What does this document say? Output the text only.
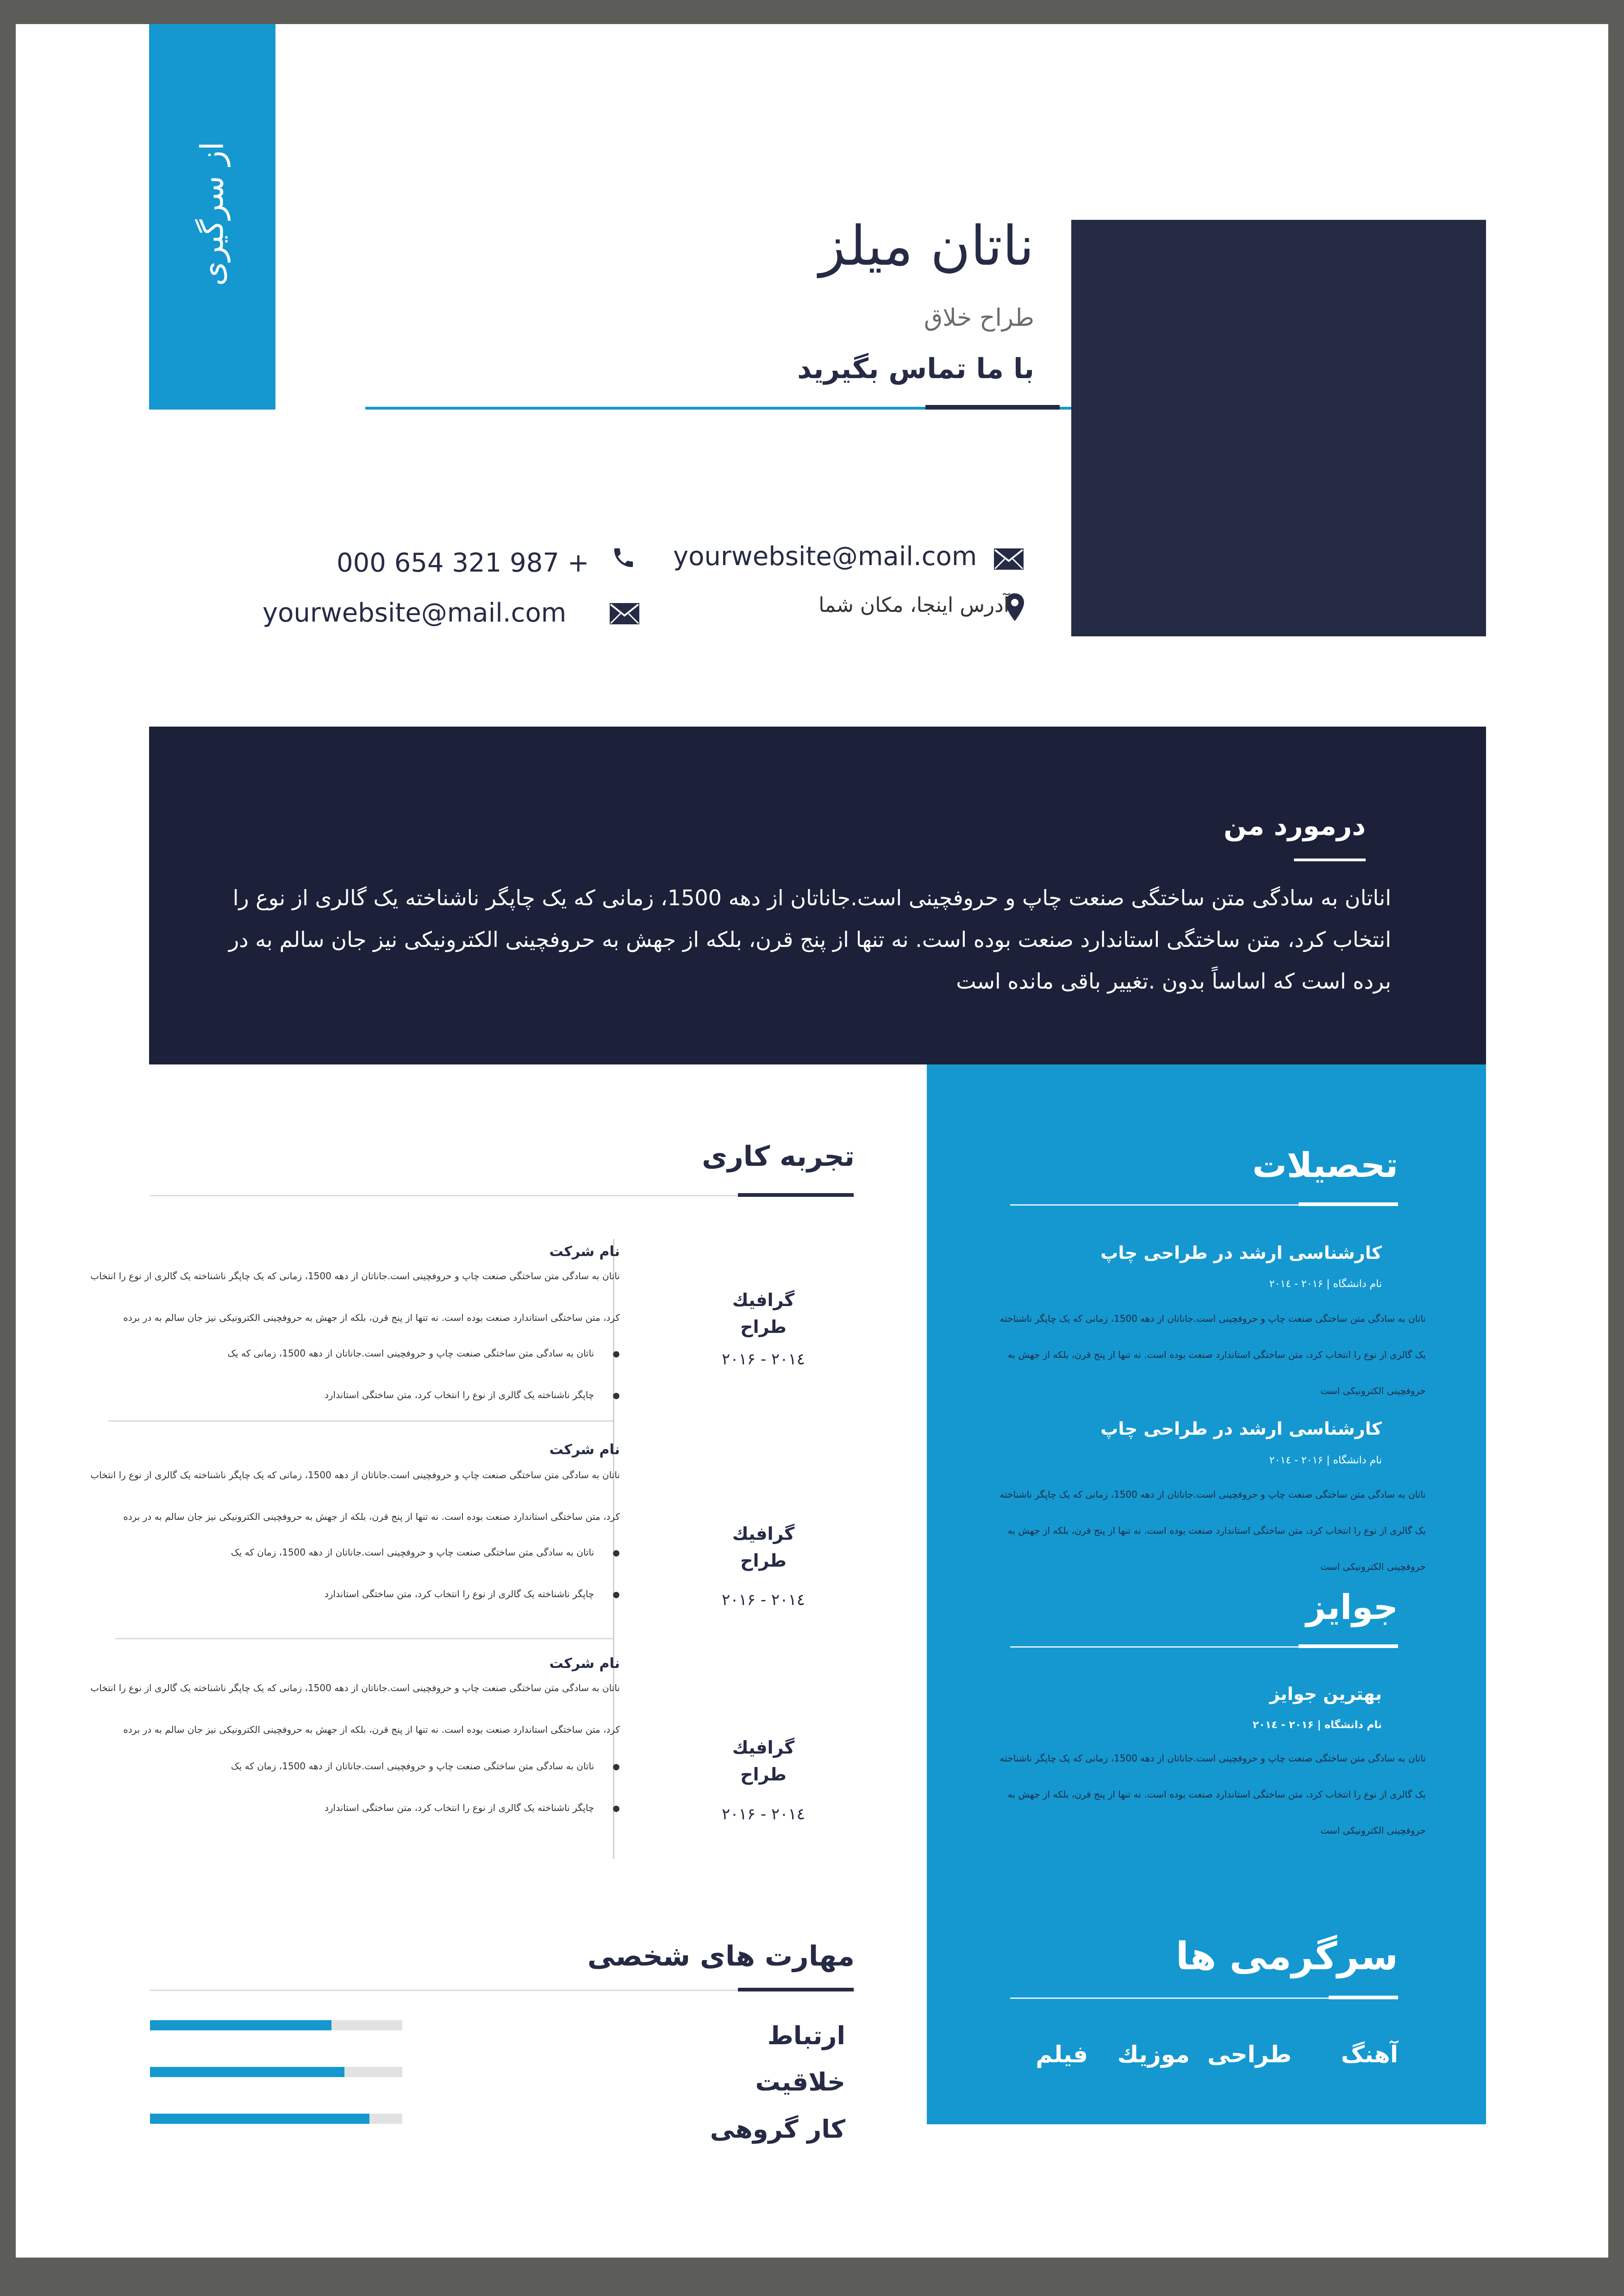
از سرگیری	ناتان میلز
طراح خلاق
با ما تماس بگیرید
yourwebsite@mail.com
آدرس اینجا، مکان شما
000 654 321 987 +
yourwebsite@mail.com
درمورد من
اناتان به سادگی متن ساختگی صنعت چاپ و حروفچینی است.جاناتان از دهه 1500، زمانی که یک چاپگر ناشناخته یک گالری از نوع را انتخاب کرد، متن ساختگی استاندارد صنعت بوده است. نه تنها از پنج قرن، بلکه از جهش به حروفچینی الکترونیکی نیز جان سالم به در برده است که اساساً بدون .تغییر باقی مانده است
تحصیلات
کارشناسی ارشد در طراحی چاپ
نام دانشگاه | ۲۰۱۶ - ۲۰۱٤
ناتان به سادگی متن ساختگی صنعت چاپ و حروفچینی است.جاناتان از دهه 1500، زمانی که یک چاپگر ناشناخته یک گالری از نوع را انتخاب کرد، متن ساختگی استاندارد صنعت بوده است. نه تنها از پنج قرن، بلکه از جهش به حروفچینی الکترونیکی است
کارشناسی ارشد در طراحی چاپ
نام دانشگاه | ۲۰۱۶ - ۲۰۱٤
ناتان به سادگی متن ساختگی صنعت چاپ و حروفچینی است.جاناتان از دهه 1500، زمانی که یک چاپگر ناشناخته یک گالری از نوع را انتخاب کرد، متن ساختگی استاندارد صنعت بوده است. نه تنها از پنج قرن، بلکه از جهش به حروفچینی الکترونیکی است
جوایز
بهترین جوایز
نام دانشگاه | ۲۰۱۶ - ۲۰۱٤
ناتان به سادگی متن ساختگی صنعت چاپ و حروفچینی است.جاناتان از دهه 1500، زمانی که یک چاپگر ناشناخته یک گالری از نوع را انتخاب کرد، متن ساختگی استاندارد صنعت بوده است. نه تنها از پنج قرن، بلکه از جهش به حروفچینی الکترونیکی است
سرگرمی ها
آهنگ
طراحی
موزیك
فیلم
تجربه کاری
نام شرکت
ناتان به سادگی متن ساختگی صنعت چاپ و حروفچینی است.جاناتان از دهه 1500، زمانی که یک چاپگر ناشناخته یک گالری از نوع را انتخاب کرد، متن ساختگی استاندارد صنعت بوده است. نه تنها از پنج قرن، بلکه از جهش به حروفچینی الکترونیکی نیز جان سالم به در برده
● ناتان به سادگی متن ساختگی صنعت چاپ و حروفچینی است.جاناتان از دهه 1500، زمانی که یک
● چاپگر ناشناخته یک گالری از نوع را انتخاب کرد، متن ساختگی استاندارد
گرافیك
طراح
۲۰۱۶ - ۲۰۱٤
نام شرکت
ناتان به سادگی متن ساختگی صنعت چاپ و حروفچینی است.جاناتان از دهه 1500، زمانی که یک چاپگر ناشناخته یک گالری از نوع را انتخاب کرد، متن ساختگی استاندارد صنعت بوده است. نه تنها از پنج قرن، بلکه از جهش به حروفچینی الکترونیکی نیز جان سالم به در برده
● ناتان به سادگی متن ساختگی صنعت چاپ و حروفچینی است.جاناتان از دهه 1500، زمان که یک
● چاپگر ناشناخته یک گالری از نوع را انتخاب کرد، متن ساختگی استاندارد
گرافیك
طراح
۲۰۱۶ - ۲۰۱٤
نام شرکت
ناتان به سادگی متن ساختگی صنعت چاپ و حروفچینی است.جاناتان از دهه 1500، زمانی که یک چاپگر ناشناخته یک گالری از نوع را انتخاب کرد، متن ساختگی استاندارد صنعت بوده است. نه تنها از پنج قرن، بلکه از جهش به حروفچینی الکترونیکی نیز جان سالم به در برده
● ناتان به سادگی متن ساختگی صنعت چاپ و حروفچینی است.جاناتان از دهه 1500، زمان که یک
● چاپگر ناشناخته یک گالری از نوع را انتخاب کرد، متن ساختگی استاندارد
گرافیك
طراح
۲۰۱۶ - ۲۰۱٤
مهارت های شخصی
ارتباط
خلاقیت
کار گروهی
